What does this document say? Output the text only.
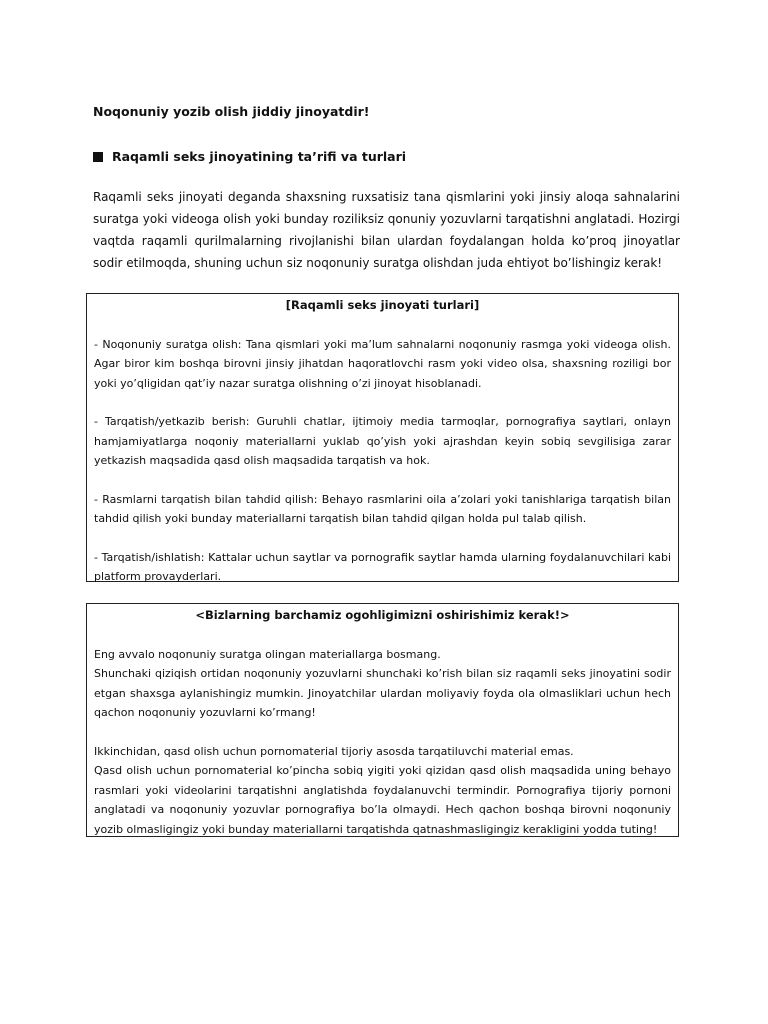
Noqonuniy yozib olish jiddiy jinoyatdir!

Raqamli seks jinoyatining ta’rifi va turlari

Raqamli seks jinoyati deganda shaxsning ruxsatisiz tana qismlarini yoki jinsiy aloqa sahnalarini suratga yoki videoga olish yoki bunday roziliksiz qonuniy yozuvlarni tarqatishni anglatadi. Hozirgi vaqtda raqamli qurilmalarning rivojlanishi bilan ulardan foydalangan holda ko’proq jinoyatlar sodir etilmoqda, shuning uchun siz noqonuniy suratga olishdan juda ehtiyot bo’lishingiz kerak!

[Raqamli seks jinoyati turlari]

- Noqonuniy suratga olish: Tana qismlari yoki ma’lum sahnalarni noqonuniy rasmga yoki videoga olish. Agar biror kim boshqa birovni jinsiy jihatdan haqoratlovchi rasm yoki video olsa, shaxsning roziligi bor yoki yo’qligidan qat’iy nazar suratga olishning o’zi jinoyat hisoblanadi.

- Tarqatish/yetkazib berish: Guruhli chatlar, ijtimoiy media tarmoqlar, pornografiya saytlari, onlayn hamjamiyatlarga noqoniy materiallarni yuklab qo’yish yoki ajrashdan keyin sobiq sevgilisiga zarar yetkazish maqsadida qasd olish maqsadida tarqatish va hok.

- Rasmlarni tarqatish bilan tahdid qilish: Behayo rasmlarini oila a’zolari yoki tanishlariga tarqatish bilan tahdid qilish yoki bunday materiallarni tarqatish bilan tahdid qilgan holda pul talab qilish.

- Tarqatish/ishlatish: Kattalar uchun saytlar va pornografik saytlar hamda ularning foydalanuvchilari kabi platform provayderlari.

<Bizlarning barchamiz ogohligimizni oshirishimiz kerak!>

Eng avvalo noqonuniy suratga olingan materiallarga bosmang.

Shunchaki qiziqish ortidan noqonuniy yozuvlarni shunchaki ko’rish bilan siz raqamli seks jinoyatini sodir etgan shaxsga aylanishingiz mumkin. Jinoyatchilar ulardan moliyaviy foyda ola olmasliklari uchun hech qachon noqonuniy yozuvlarni ko’rmang!

Ikkinchidan, qasd olish uchun pornomaterial tijoriy asosda tarqatiluvchi material emas.

Qasd olish uchun pornomaterial ko’pincha sobiq yigiti yoki qizidan qasd olish maqsadida uning behayo rasmlari yoki videolarini tarqatishni anglatishda foydalanuvchi termindir. Pornografiya tijoriy pornoni anglatadi va noqonuniy yozuvlar pornografiya bo’la olmaydi. Hech qachon boshqa birovni noqonuniy yozib olmasligingiz yoki bunday materiallarni tarqatishda qatnashmasligingiz kerakligini yodda tuting!
